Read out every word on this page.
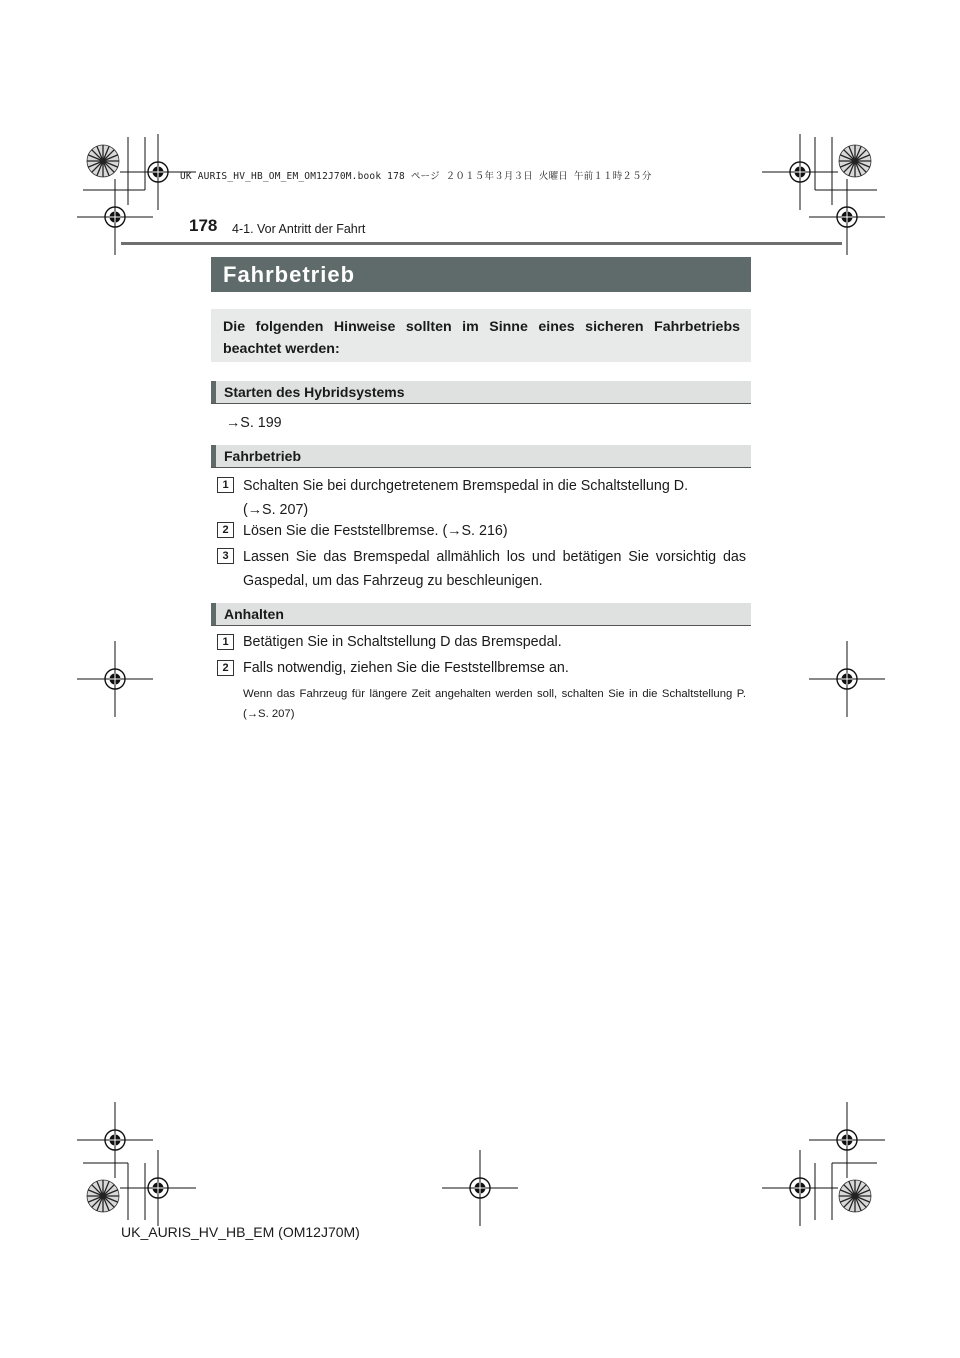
UK AURIS_HV_HB_OM_EM_OM12J70M.book 178 ページ ２０１５年３月３日 火曜日 午前１１時２５分
178 4-1. Vor Antritt der Fahrt
Fahrbetrieb
Die folgenden Hinweise sollten im Sinne eines sicheren Fahrbetriebs beachtet werden:
Starten des Hybridsystems
→S. 199
Fahrbetrieb
1	Schalten Sie bei durchgetretenem Bremspedal in die Schaltstellung D.
(→S. 207)
2	Lösen Sie die Feststellbremse. (→S. 216)
3	Lassen Sie das Bremspedal allmählich los und betätigen Sie vorsichtig das Gaspedal, um das Fahrzeug zu beschleunigen.
Anhalten
1	Betätigen Sie in Schaltstellung D das Bremspedal.
2	Falls notwendig, ziehen Sie die Feststellbremse an.
Wenn das Fahrzeug für längere Zeit angehalten werden soll, schalten Sie in die Schaltstellung P. (→S. 207)
UK_AURIS_HV_HB_EM (OM12J70M)
